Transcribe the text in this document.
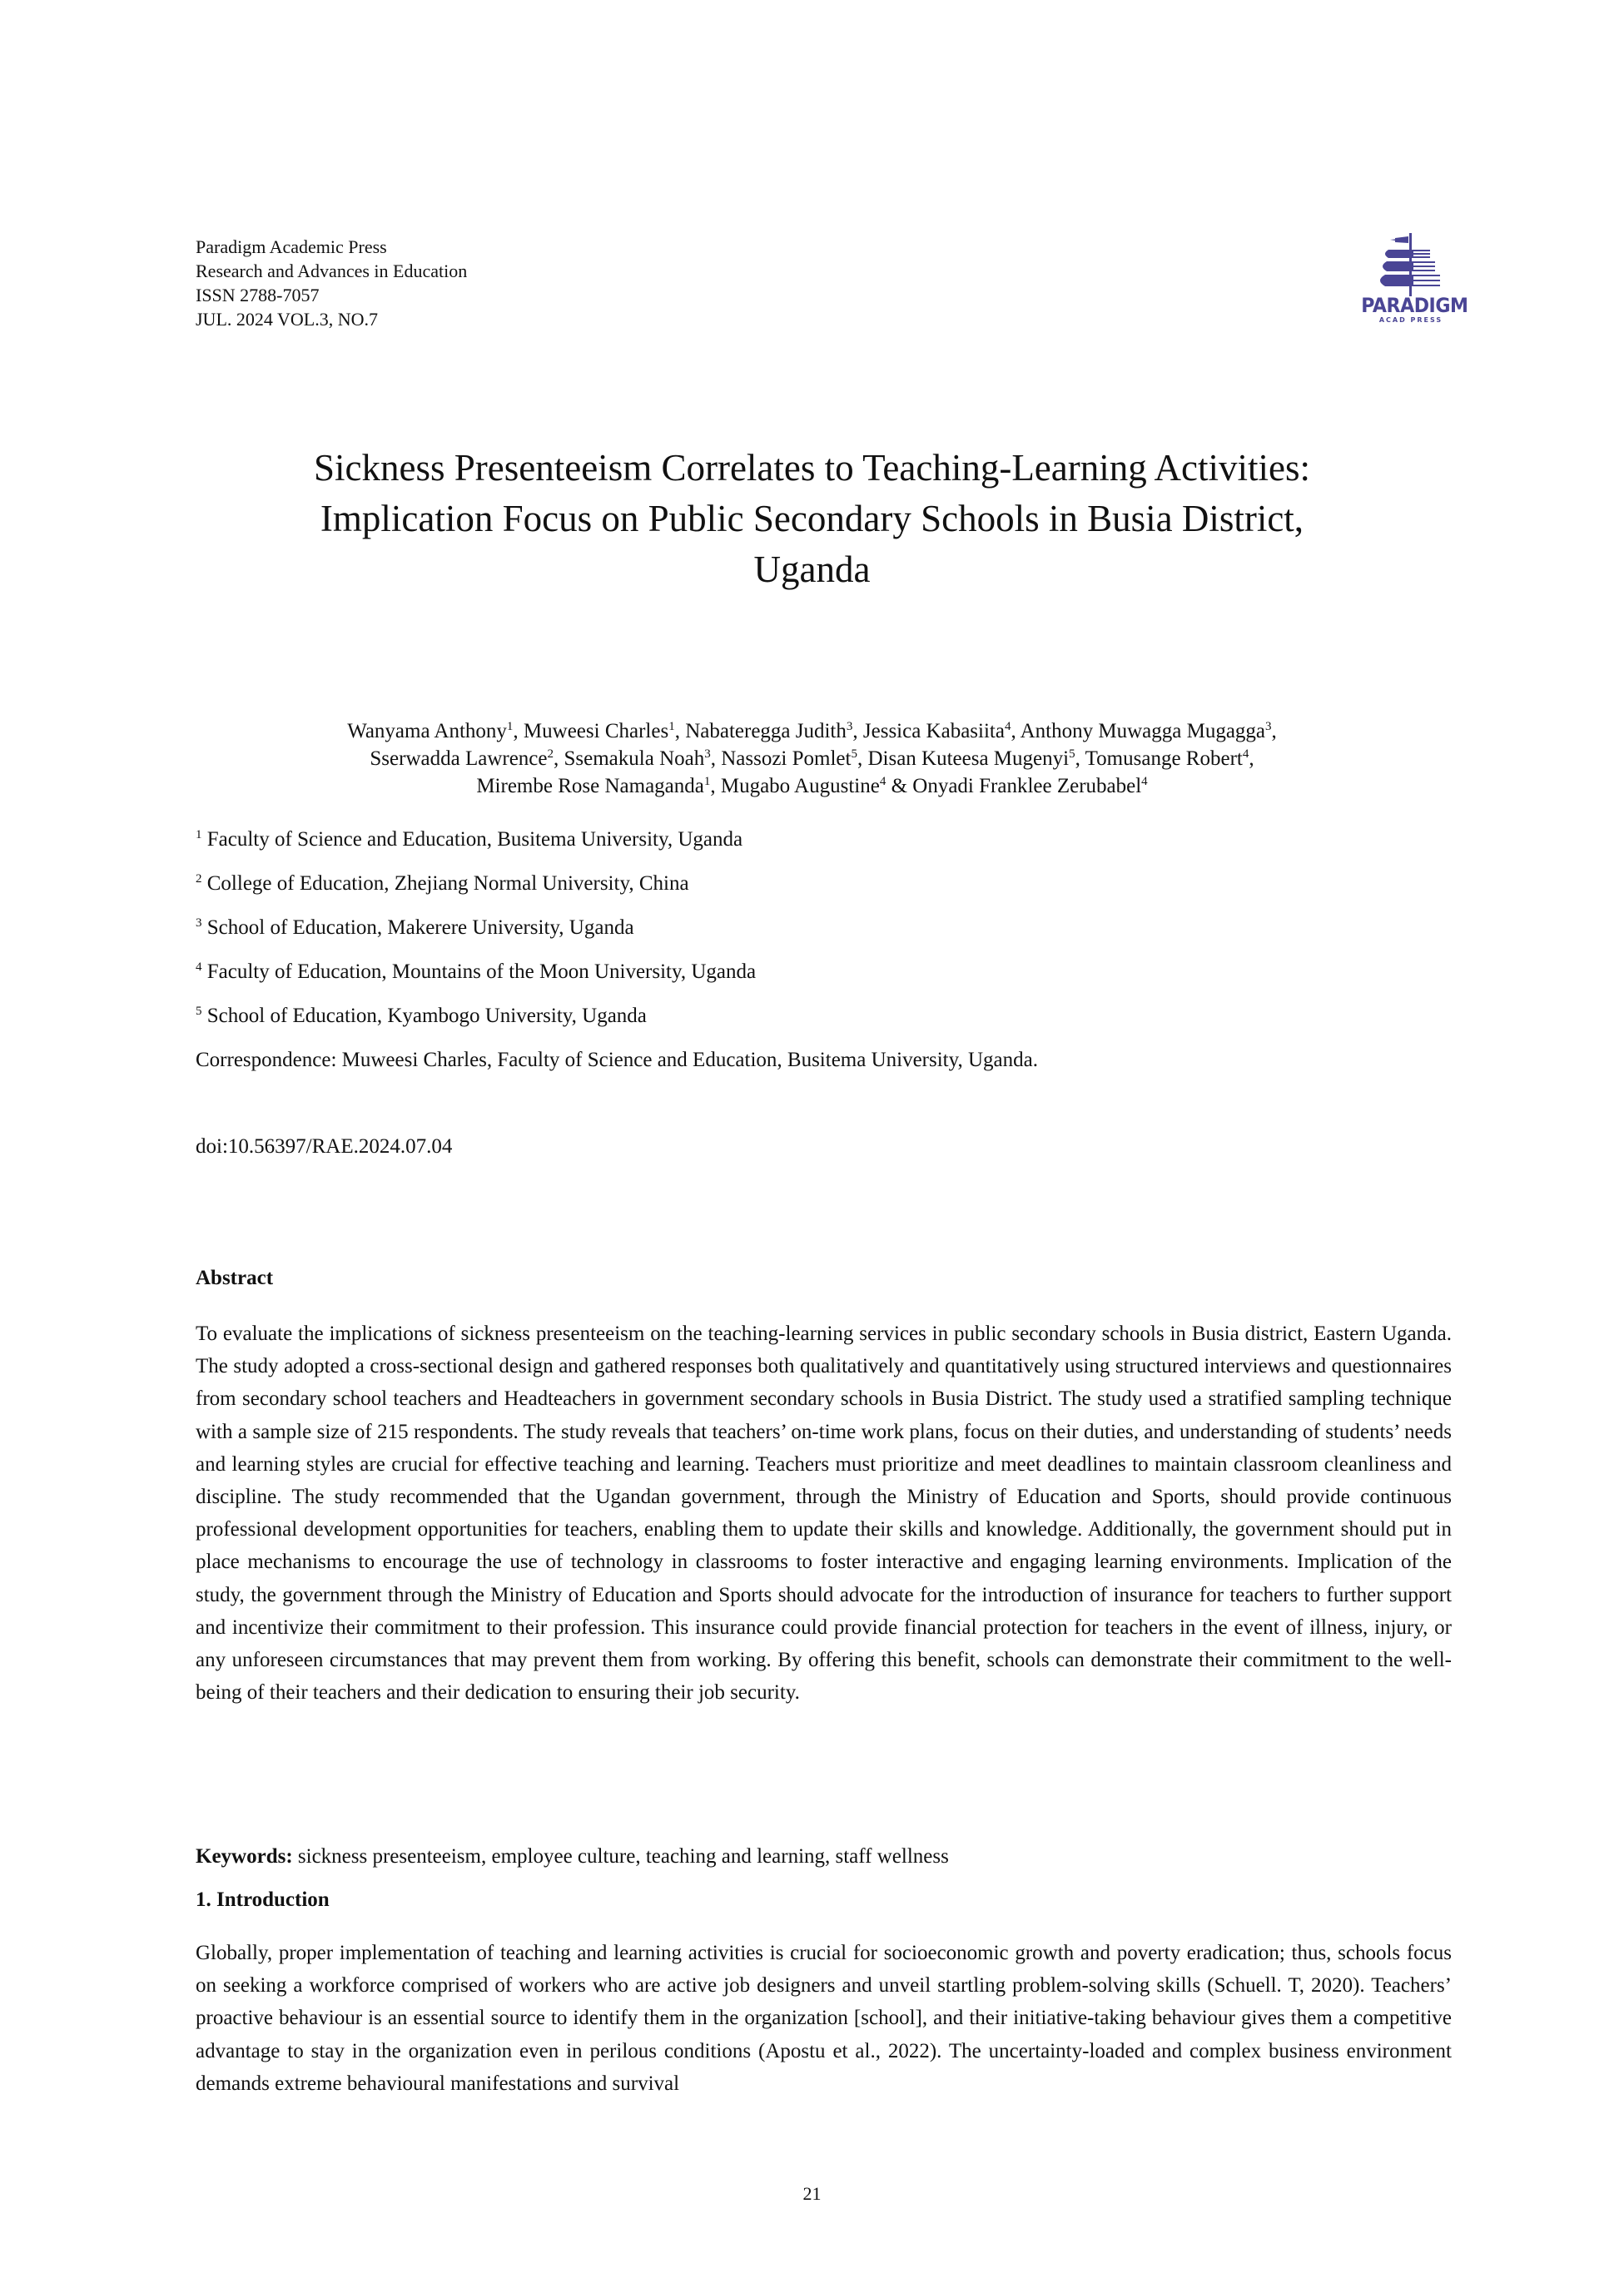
Paradigm Academic Press
Research and Advances in Education
ISSN 2788-7057
JUL. 2024 VOL.3, NO.7
PARADIGM
ACAD PRESS
Sickness Presenteeism Correlates to Teaching-Learning Activities:
Implication Focus on Public Secondary Schools in Busia District,
Uganda
Wanyama Anthony$^1$, Muweesi Charles$^1$, Nabateregga Judith$^3$, Jessica Kabasiita$^4$, Anthony Muwagga Mugagga$^3$,
Sserwadda Lawrence$^2$, Ssemakula Noah$^3$, Nassozi Pomlet$^5$, Disan Kuteesa Mugenyi$^5$, Tomusange Robert$^4$,
Mirembe Rose Namaganda$^1$, Mugabo Augustine$^4$ & Onyadi Franklee Zerubabel$^4$
$^1$ Faculty of Science and Education, Busitema University, Uganda
$^2$ College of Education, Zhejiang Normal University, China
$^3$ School of Education, Makerere University, Uganda
$^4$ Faculty of Education, Mountains of the Moon University, Uganda
$^5$ School of Education, Kyambogo University, Uganda
Correspondence: Muweesi Charles, Faculty of Science and Education, Busitema University, Uganda.
doi:10.56397/RAE.2024.07.04
Abstract
To evaluate the implications of sickness presenteeism on the teaching-learning services in public secondary schools in Busia district, Eastern Uganda. The study adopted a cross-sectional design and gathered responses both qualitatively and quantitatively using structured interviews and questionnaires from secondary school teachers and Headteachers in government secondary schools in Busia District. The study used a stratified sampling technique with a sample size of 215 respondents. The study reveals that teachers’ on-time work plans, focus on their duties, and understanding of students’ needs and learning styles are crucial for effective teaching and learning. Teachers must prioritize and meet deadlines to maintain classroom cleanliness and discipline. The study recommended that the Ugandan government, through the Ministry of Education and Sports, should provide continuous professional development opportunities for teachers, enabling them to update their skills and knowledge. Additionally, the government should put in place mechanisms to encourage the use of technology in classrooms to foster interactive and engaging learning environments. Implication of the study, the government through the Ministry of Education and Sports should advocate for the introduction of insurance for teachers to further support and incentivize their commitment to their profession. This insurance could provide financial protection for teachers in the event of illness, injury, or any unforeseen circumstances that may prevent them from working. By offering this benefit, schools can demonstrate their commitment to the well-being of their teachers and their dedication to ensuring their job security.
Keywords: sickness presenteeism, employee culture, teaching and learning, staff wellness
1. Introduction
Globally, proper implementation of teaching and learning activities is crucial for socioeconomic growth and poverty eradication; thus, schools focus on seeking a workforce comprised of workers who are active job designers and unveil startling problem-solving skills (Schuell. T, 2020). Teachers’ proactive behaviour is an essential source to identify them in the organization [school], and their initiative-taking behaviour gives them a competitive advantage to stay in the organization even in perilous conditions (Apostu et al., 2022). The uncertainty-loaded and complex business environment demands extreme behavioural manifestations and survival
21
